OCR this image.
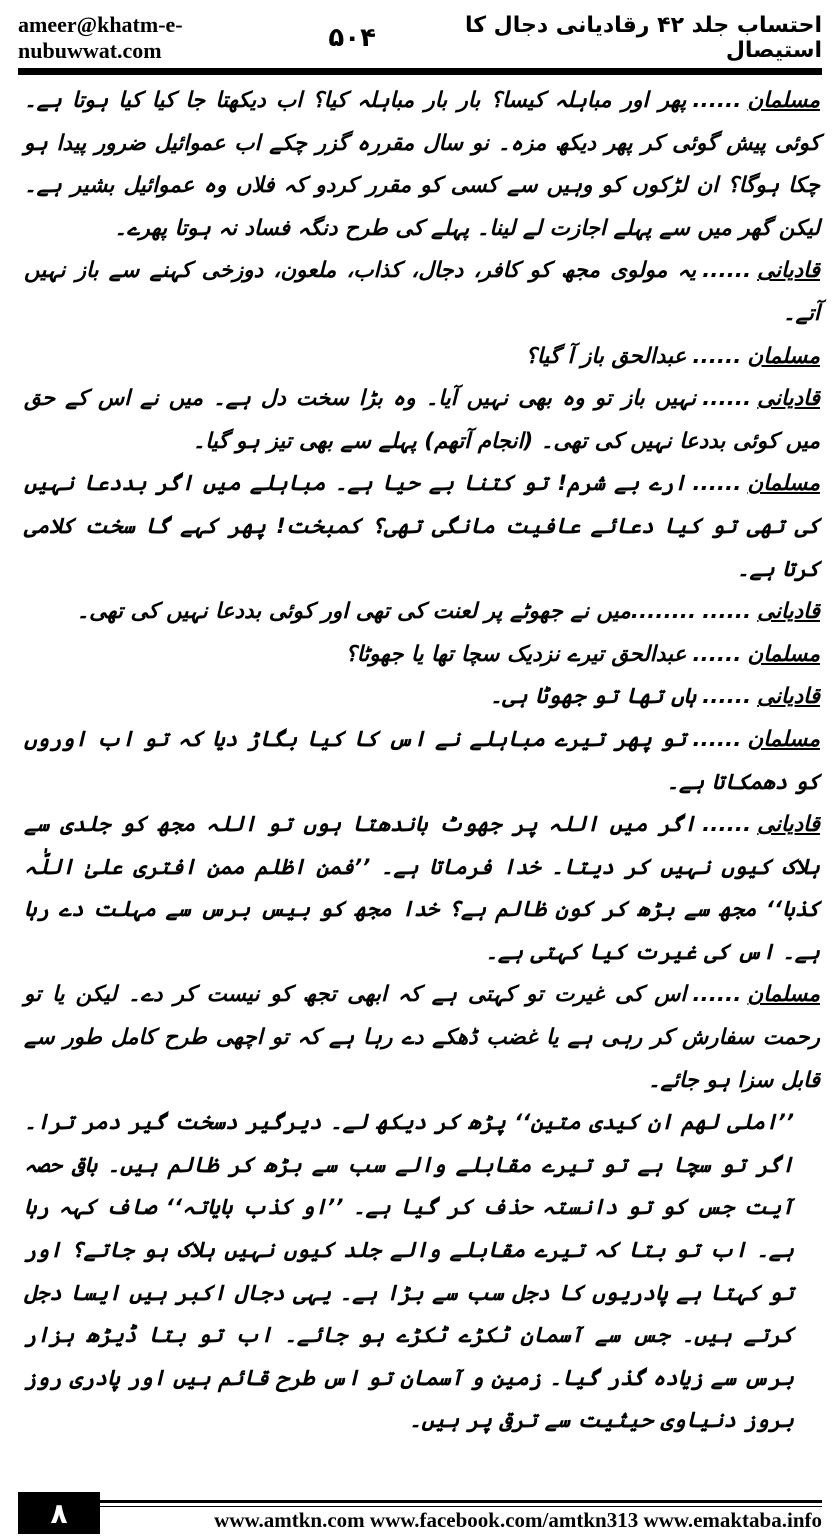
ameer@khatm-e-nubuwwat.com	۵۰۴	احتساب جلد ۴۲ رقادیانی دجال کا استیصال

مسلمان......پھر اور مباہلہ کیسا؟ بار بار مباہلہ کیا؟ اب دیکھتا جا کیا کیا ہوتا ہے۔ کوئی پیش گوئی کر پھر دیکھ مزہ۔ نو سال مقررہ گزر چکے اب عموائیل ضرور پیدا ہو چکا ہوگا؟ ان لڑکوں کو وہیں سے کسی کو مقرر کردو کہ فلاں وہ عموائیل بشیر ہے۔ لیکن گھر میں سے پہلے اجازت لے لینا۔ پہلے کی طرح دنگہ فساد نہ ہوتا پھرے۔

قادیانی......یہ مولوی مجھ کو کافر، دجال، کذاب، ملعون، دوزخی کہنے سے باز نہیں آتے۔

مسلمان......عبدالحق باز آ گیا؟

قادیانی......نہیں باز تو وہ بھی نہیں آیا۔ وہ بڑا سخت دل ہے۔ میں نے اس کے حق میں کوئی بددعا نہیں کی تھی۔ (انجام آتھم) پہلے سے بھی تیز ہو گیا۔

مسلمان......ارے بے شرم! تو کتنا بے حیا ہے۔ مباہلے میں اگر بددعا نہیں کی تھی تو کیا دعائے عافیت مانگی تھی؟ کمبخت! پھر کہے گا سخت کلامی کرتا ہے۔

قادیانی..............میں نے جھوٹے پر لعنت کی تھی اور کوئی بددعا نہیں کی تھی۔

مسلمان......عبدالحق تیرے نزدیک سچا تھا یا جھوٹا؟

قادیانی......ہاں تھا تو جھوٹا ہی۔

مسلمان......تو پھر تیرے مباہلے نے اس کا کیا بگاڑ دیا کہ تو اب اوروں کو دھمکاتا ہے۔

قادیانی......اگر میں اللہ پر جھوٹ باندھتا ہوں تو اللہ مجھ کو جلدی سے ہلاک کیوں نہیں کر دیتا۔ خدا فرماتا ہے۔ ’’فمن اظلم ممن افتری علیٰ اللّٰہ کذبا‘‘ مجھ سے بڑھ کر کون ظالم ہے؟ خدا مجھ کو بیس برس سے مہلت دے رہا ہے۔ اس کی غیرت کیا کہتی ہے۔

مسلمان......اس کی غیرت تو کہتی ہے کہ ابھی تجھ کو نیست کر دے۔ لیکن یا تو رحمت سفارش کر رہی ہے یا غضب ڈھکے دے رہا ہے کہ تو اچھی طرح کامل طور سے قابل سزا ہو جائے۔

’’املی لھم ان کیدی متین‘‘ پڑھ کر دیکھ لے۔ دیرگیر دسخت گیر دمر ترا۔ اگر تو سچا ہے تو تیرے مقابلے والے سب سے بڑھ کر ظالم ہیں۔ باقی حصہ آیت جس کو تو دانستہ حذف کر گیا ہے۔ ’’او کذب بایاتہ‘‘ صاف کہہ رہا ہے۔ اب تو بتا کہ تیرے مقابلے والے جلد کیوں نہیں ہلاک ہو جاتے؟ اور تو کہتا ہے پادریوں کا دجل سب سے بڑا ہے۔ یہی دجال اکبر ہیں ایسا دجل کرتے ہیں۔ جس سے آسمان ٹکڑے ٹکڑے ہو جائے۔ اب تو بتا ڈیڑھ ہزار برس سے زیادہ گذر گیا۔ زمین و آسمان تو اس طرح قائم ہیں اور پادری روز بروز دنیاوی حیثیت سے ترقی پر ہیں۔

۸	www.amtkn.com www.facebook.com/amtkn313 www.emaktaba.info
